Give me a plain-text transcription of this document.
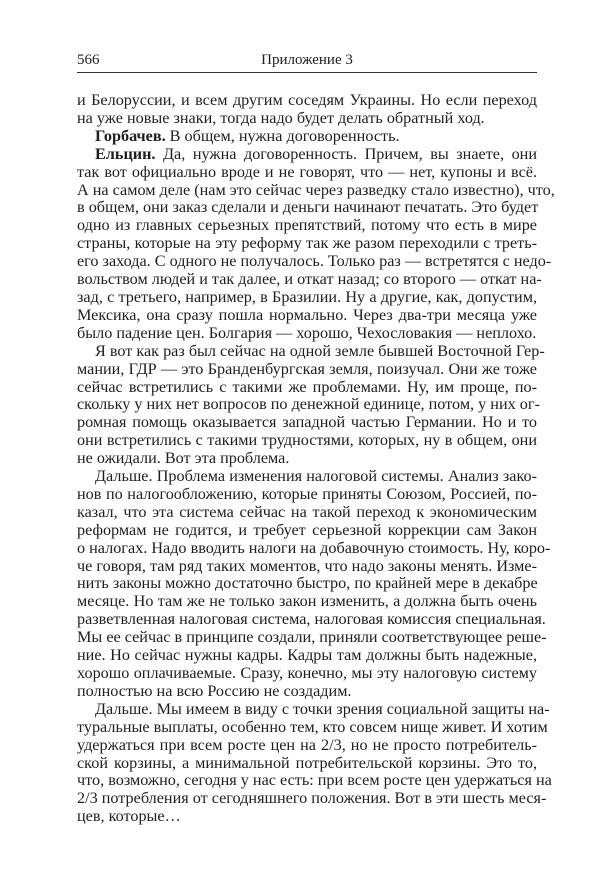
566	Приложение 3
и Белоруссии, и всем другим соседям Украины. Но если переход
на уже новые знаки, тогда надо будет делать обратный ход.
Горбачев. В общем, нужна договоренность.
Ельцин. Да, нужна договоренность. Причем, вы знаете, они
так вот официально вроде и не говорят, что — нет, купоны и всё.
А на самом деле (нам это сейчас через разведку стало известно), что,
в общем, они заказ сделали и деньги начинают печатать. Это будет
одно из главных серьезных препятствий, потому что есть в мире
страны, которые на эту реформу так же разом переходили с треть-
его захода. С одного не получалось. Только раз — встретятся с недо-
вольством людей и так далее, и откат назад; со второго — откат на-
зад, с третьего, например, в Бразилии. Ну а другие, как, допустим,
Мексика, она сразу пошла нормально. Через два-три месяца уже
было падение цен. Болгария — хорошо, Чехословакия — неплохо.
Я вот как раз был сейчас на одной земле бывшей Восточной Гер-
мании, ГДР — это Бранденбургская земля, поизучал. Они же тоже
сейчас встретились с такими же проблемами. Ну, им проще, по-
скольку у них нет вопросов по денежной единице, потом, у них ог-
ромная помощь оказывается западной частью Германии. Но и то
они встретились с такими трудностями, которых, ну в общем, они
не ожидали. Вот эта проблема.
Дальше. Проблема изменения налоговой системы. Анализ зако-
нов по налогообложению, которые приняты Союзом, Россией, по-
казал, что эта система сейчас на такой переход к экономическим
реформам не годится, и требует серьезной коррекции сам Закон
о налогах. Надо вводить налоги на добавочную стоимость. Ну, коро-
че говоря, там ряд таких моментов, что надо законы менять. Изме-
нить законы можно достаточно быстро, по крайней мере в декабре
месяце. Но там же не только закон изменить, а должна быть очень
разветвленная налоговая система, налоговая комиссия специальная.
Мы ее сейчас в принципе создали, приняли соответствующее реше-
ние. Но сейчас нужны кадры. Кадры там должны быть надежные,
хорошо оплачиваемые. Сразу, конечно, мы эту налоговую систему
полностью на всю Россию не создадим.
Дальше. Мы имеем в виду с точки зрения социальной защиты на-
туральные выплаты, особенно тем, кто совсем нище живет. И хотим
удержаться при всем росте цен на 2/3, но не просто потребитель-
ской корзины, а минимальной потребительской корзины. Это то,
что, возможно, сегодня у нас есть: при всем росте цен удержаться на
2/3 потребления от сегодняшнего положения. Вот в эти шесть меся-
цев, которые…
